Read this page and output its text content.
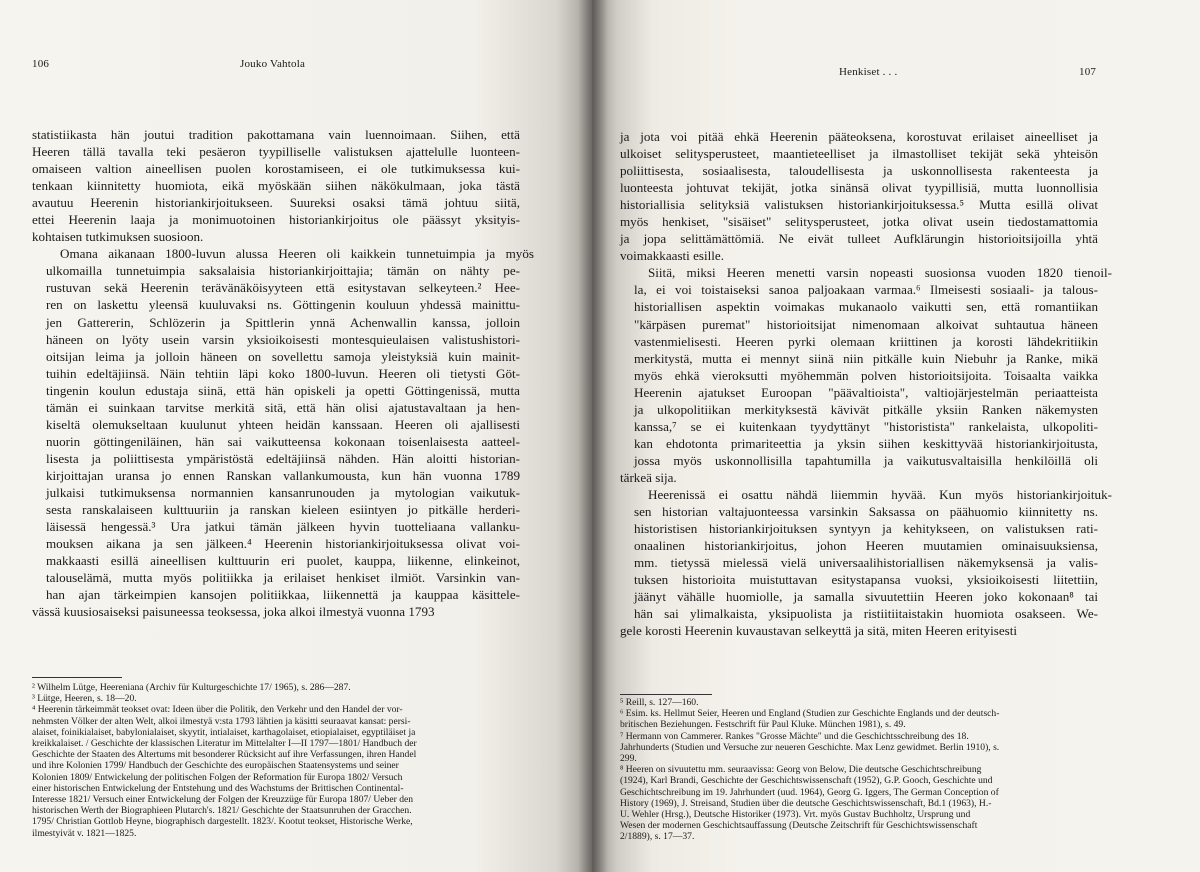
106	Jouko Vahtola

statistiikasta hän joutui tradition pakottamana vain luennoimaan. Siihen, että
Heeren tällä tavalla teki pesäeron tyypilliselle valistuksen ajattelulle luonteen-
omaiseen valtion aineellisen puolen korostamiseen, ei ole tutkimuksessa kui-
tenkaan kiinnitetty huomiota, eikä myöskään siihen näkökulmaan, joka tästä
avautuu Heerenin historiankirjoitukseen. Suureksi osaksi tämä johtuu siitä,
ettei Heerenin laaja ja monimuotoinen historiankirjoitus ole päässyt yksityis-
kohtaisen tutkimuksen suosioon.

Omana aikanaan 1800-luvun alussa Heeren oli kaikkein tunnetuimpia ja myös
ulkomailla tunnetuimpia saksalaisia historiankirjoittajia; tämän on nähty pe-
rustuvan sekä Heerenin terävänäköisyyteen että esitystavan selkeyteen.² Hee-
ren on laskettu yleensä kuuluvaksi ns. Göttingenin kouluun yhdessä mainittu-
jen Gattererin, Schlözerin ja Spittlerin ynnä Achenwallin kanssa, jolloin
häneen on lyöty usein varsin yksioikoisesti montesquieulaisen valistushistori-
oitsijan leima ja jolloin häneen on sovellettu samoja yleistyksiä kuin mainit-
tuihin edeltäjiinsä. Näin tehtiin läpi koko 1800-luvun. Heeren oli tietysti Göt-
tingenin koulun edustaja siinä, että hän opiskeli ja opetti Göttingenissä, mutta
tämän ei suinkaan tarvitse merkitä sitä, että hän olisi ajatustavaltaan ja hen-
kiseltä olemukseltaan kuulunut yhteen heidän kanssaan. Heeren oli ajallisesti
nuorin göttingeniläinen, hän sai vaikutteensa kokonaan toisenlaisesta aatteel-
lisesta ja poliittisesta ympäristöstä edeltäjiinsä nähden. Hän aloitti historian-
kirjoittajan uransa jo ennen Ranskan vallankumousta, kun hän vuonna 1789
julkaisi tutkimuksensa normannien kansanrunouden ja mytologian vaikutuk-
sesta ranskalaiseen kulttuuriin ja ranskan kieleen esiintyen jo pitkälle herderi-
läisessä hengessä.³ Ura jatkui tämän jälkeen hyvin tuotteliaana vallanku-
mouksen aikana ja sen jälkeen.⁴ Heerenin historiankirjoituksessa olivat voi-
makkaasti esillä aineellisen kulttuurin eri puolet, kauppa, liikenne, elinkeinot,
talouselämä, mutta myös politiikka ja erilaiset henkiset ilmiöt. Varsinkin van-
han ajan tärkeimpien kansojen politiikkaa, liikennettä ja kauppaa käsittele-
vässä kuusiosaiseksi paisuneessa teoksessa, joka alkoi ilmestyä vuonna 1793

² Wilhelm Lütge, Heereniana (Archiv für Kulturgeschichte 17/ 1965), s. 286—287.
³ Lütge, Heeren, s. 18—20.
⁴ Heerenin tärkeimmät teokset ovat: Ideen über die Politik, den Verkehr und den Handel der vor-
nehmsten Völker der alten Welt, alkoi ilmestyä v:sta 1793 lähtien ja käsitti seuraavat kansat: persi-
alaiset, foinikialaiset, babylonialaiset, skyytit, intialaiset, karthagolaiset, etiopialaiset, egyptiläiset ja
kreikkalaiset. / Geschichte der klassischen Literatur im Mittelalter I—II 1797—1801/ Handbuch der
Geschichte der Staaten des Altertums mit besonderer Rücksicht auf ihre Verfassungen, ihren Handel
und ihre Kolonien 1799/ Handbuch der Geschichte des europäischen Staatensystems und seiner
Kolonien 1809/ Entwickelung der politischen Folgen der Reformation für Europa 1802/ Versuch
einer historischen Entwickelung der Entstehung und des Wachstums der Brittischen Continental-
Interesse 1821/ Versuch einer Entwickelung der Folgen der Kreuzzüge für Europa 1807/ Ueber den
historischen Werth der Biographieen Plutarch's. 1821/ Geschichte der Staatsunruhen der Gracchen.
1795/ Christian Gottlob Heyne, biographisch dargestellt. 1823/. Kootut teokset, Historische Werke,
ilmestyivät v. 1821—1825.
Henkiset . . .	107

ja jota voi pitää ehkä Heerenin pääteoksena, korostuvat erilaiset aineelliset ja
ulkoiset selitysperusteet, maantieteelliset ja ilmastolliset tekijät sekä yhteisön
poliittisesta, sosiaalisesta, taloudellisesta ja uskonnollisesta rakenteesta ja
luonteesta johtuvat tekijät, jotka sinänsä olivat tyypillisiä, mutta luonnollisia
historiallisia selityksiä valistuksen historiankirjoituksessa.⁵ Mutta esillä olivat
myös henkiset, "sisäiset" selitysperusteet, jotka olivat usein tiedostamattomia
ja jopa selittämättömiä. Ne eivät tulleet Aufklärungin historioitsijoilla yhtä
voimakkaasti esille.

Siitä, miksi Heeren menetti varsin nopeasti suosionsa vuoden 1820 tienoil-
la, ei voi toistaiseksi sanoa paljoakaan varmaa.⁶ Ilmeisesti sosiaali- ja talous-
historiallisen aspektin voimakas mukanaolo vaikutti sen, että romantiikan
"kärpäsen puremat" historioitsijat nimenomaan alkoivat suhtautua häneen
vastenmielisesti. Heeren pyrki olemaan kriittinen ja korosti lähdekritiikin
merkitystä, mutta ei mennyt siinä niin pitkälle kuin Niebuhr ja Ranke, mikä
myös ehkä vieroksutti myöhemmän polven historioitsijoita. Toisaalta vaikka
Heerenin ajatukset Euroopan "päävaltioista", valtiojärjestelmän periaatteista
ja ulkopolitiikan merkityksestä kävivät pitkälle yksiin Ranken näkemysten
kanssa,⁷ se ei kuitenkaan tyydyttänyt "historistista" rankelaista, ulkopoliti-
kan ehdotonta primariteettia ja yksin siihen keskittyvää historiankirjoitusta,
jossa myös uskonnollisilla tapahtumilla ja vaikutusvaltaisilla henkilöillä oli
tärkeä sija.

Heerenissä ei osattu nähdä liiemmin hyvää. Kun myös historiankirjoituk-
sen historian valtajuonteessa varsinkin Saksassa on päähuomio kiinnitetty ns.
historistisen historiankirjoituksen syntyyn ja kehitykseen, on valistuksen rati-
onaalinen historiankirjoitus, johon Heeren muutamien ominaisuuksiensa,
mm. tietyssä mielessä vielä universaalihistoriallisen näkemyksensä ja valis-
tuksen historioita muistuttavan esitystapansa vuoksi, yksioikoisesti liitettiin,
jäänyt vähälle huomiolle, ja samalla sivuutettiin Heeren joko kokonaan⁸ tai
hän sai ylimalkaista, yksipuolista ja ristiitiitaistakin huomiota osakseen. We-
gele korosti Heerenin kuvaustavan selkeyttä ja sitä, miten Heeren erityisesti

⁵ Reill, s. 127—160.
⁶ Esim. ks. Hellmut Seier, Heeren und England (Studien zur Geschichte Englands und der deutsch-
britischen Beziehungen. Festschrift für Paul Kluke. München 1981), s. 49.
⁷ Hermann von Cammerer. Rankes "Grosse Mächte" und die Geschichtsschreibung des 18.
Jahrhunderts (Studien und Versuche zur neueren Geschichte. Max Lenz gewidmet. Berlin 1910), s.
299.
⁸ Heeren on sivuutettu mm. seuraavissa: Georg von Below, Die deutsche Geschichtschreibung
(1924), Karl Brandi, Geschichte der Geschichtswissenschaft (1952), G.P. Gooch, Geschichte und
Geschichtschreibung im 19. Jahrhundert (uud. 1964), Georg G. Iggers, The German Conception of
History (1969), J. Streisand, Studien über die deutsche Geschichtswissenschaft, Bd.1 (1963), H.-
U. Wehler (Hrsg.), Deutsche Historiker (1973). Vrt. myös Gustav Buchholtz, Ursprung und
Wesen der modernen Geschichtsauffassung (Deutsche Zeitschrift für Geschichtswissenschaft
2/1889), s. 17—37.
